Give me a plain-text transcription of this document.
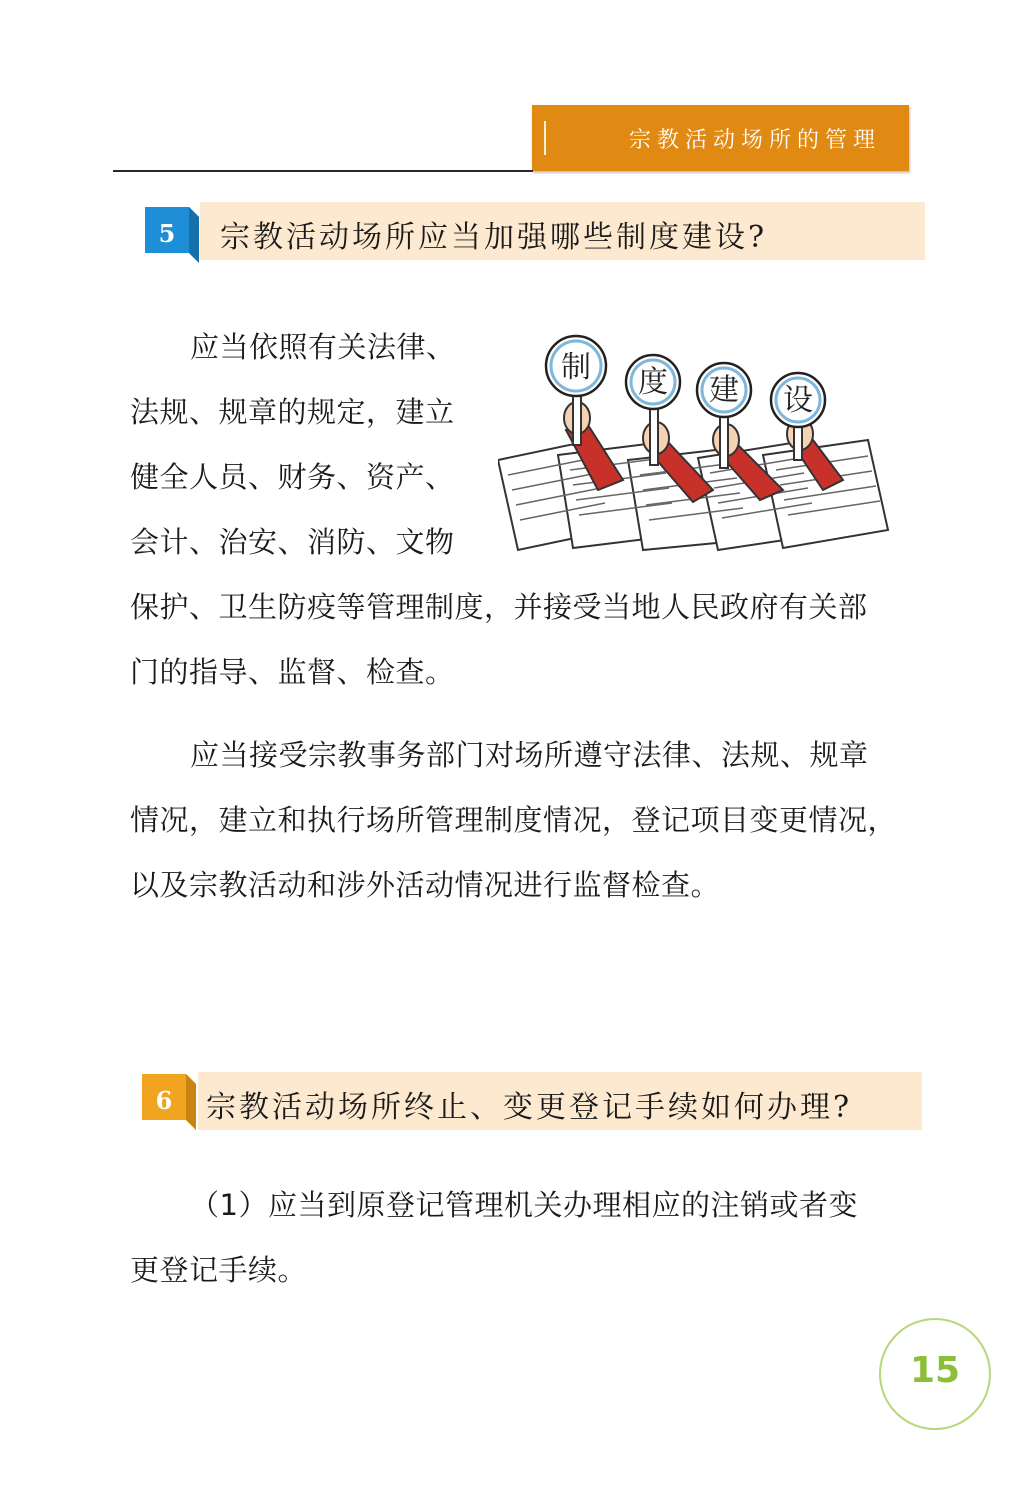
宗教活动场所的管理
5	宗教活动场所应当加强哪些制度建设?
应当依照有关法律、
法规、规章的规定，建立
健全人员、财务、资产、
会计、治安、消防、文物
保护、卫生防疫等管理制度，并接受当地人民政府有关部
门的指导、监督、检查。
制 度 建 设
应当接受宗教事务部门对场所遵守法律、法规、规章
情况，建立和执行场所管理制度情况，登记项目变更情况，
以及宗教活动和涉外活动情况进行监督检查。
6	宗教活动场所终止、变更登记手续如何办理?
（1）应当到原登记管理机关办理相应的注销或者变
更登记手续。
15
